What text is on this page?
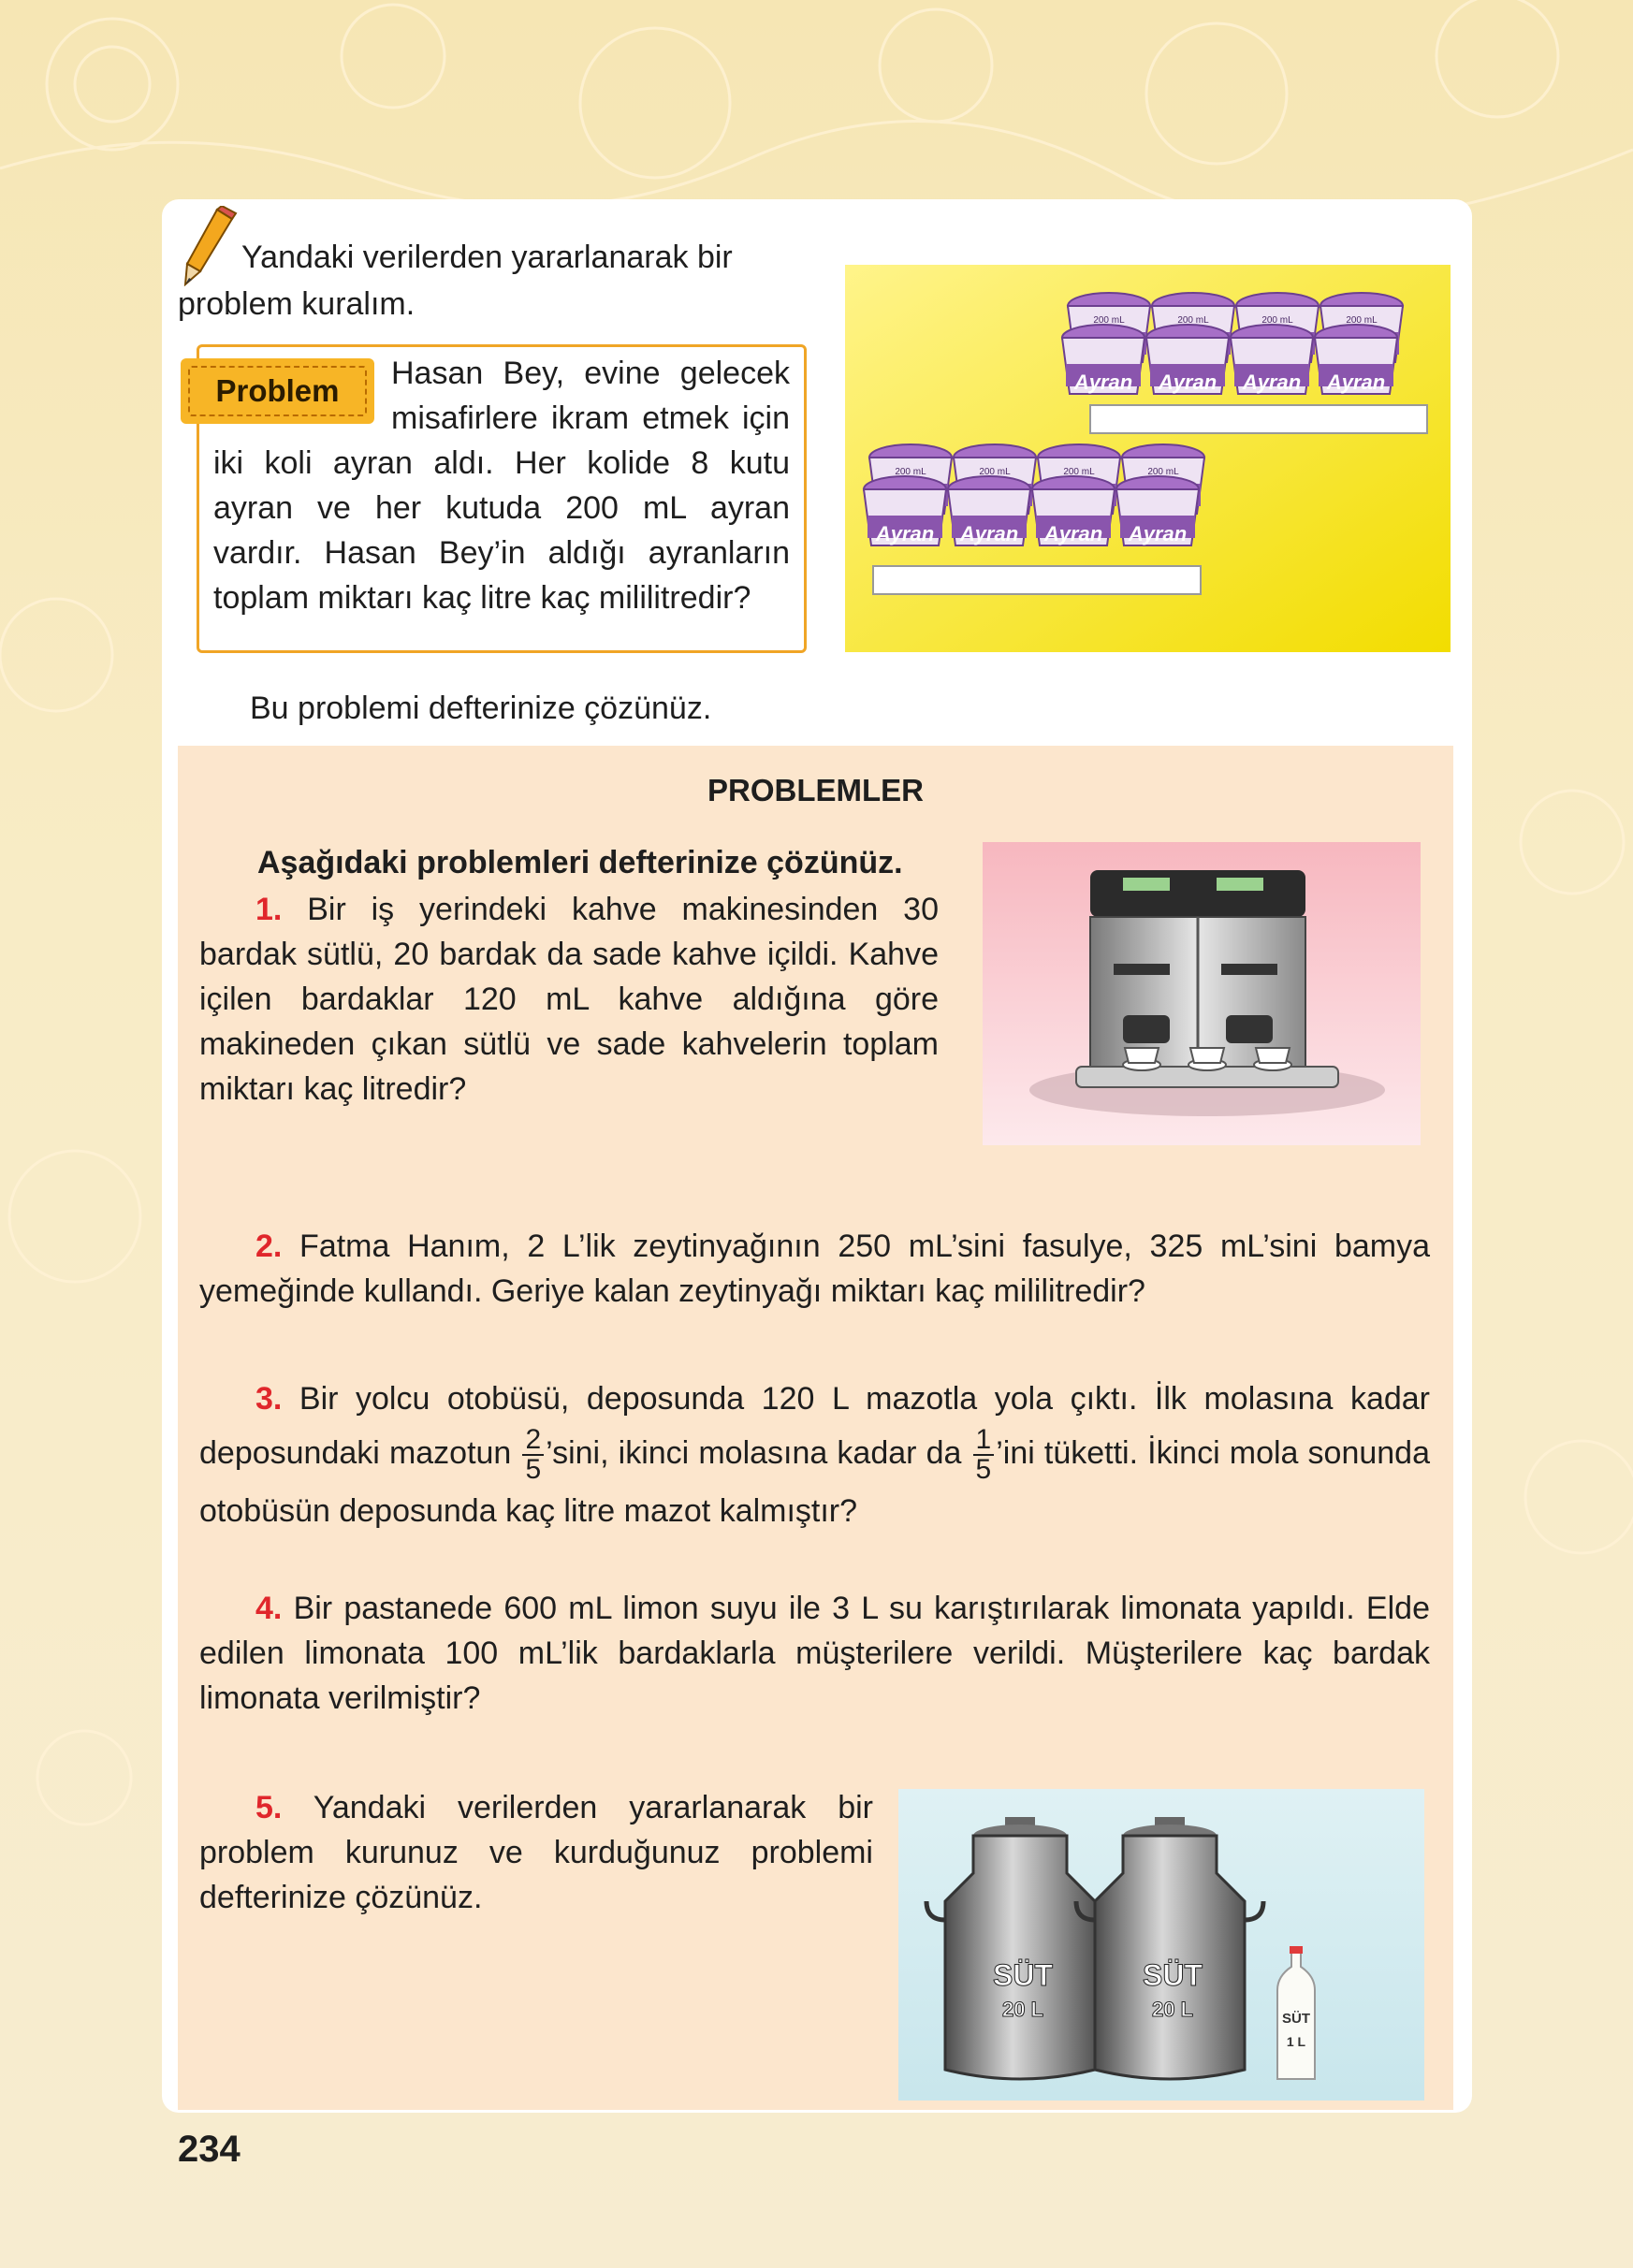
Yandaki verilerden yararlanarak bir problem kuralım.
Hasan Bey, evine gelecek misafirlere ikram etmek için iki koli ayran aldı. Her kolide 8 kutu ayran ve her kutuda 200 mL ayran vardır. Hasan Bey’in aldığı ayranların toplam miktarı kaç litre kaç mililitredir?
Problem	Ayran Ayran Ayran Ayran
Ayran Ayran Ayran Ayran
200 mL	200 mL	200 mL	200 mL
200 mL	200 mL	200 mL	200 mL
Bu problemi defterinize çözünüz.
PROBLEMLER
Aşağıdaki problemleri defterinize çözünüz.
1. Bir iş yerindeki kahve makinesinden 30 bardak sütlü, 20 bardak da sade kahve içildi. Kahve içilen bardaklar 120 mL kahve aldığına göre makineden çıkan sütlü ve sade kahvelerin toplam miktarı kaç litredir?
2. Fatma Hanım, 2 L’lik zeytinyağının 250 mL’sini fasulye, 325 mL’sini bamya yemeğinde kullandı. Geriye kalan zeytinyağı miktarı kaç mililitredir?
3. Bir yolcu otobüsü, deposunda 120 L mazotla yola çıktı. İlk molasına kadar deposundaki mazotun $\frac{2}{5}$ ’sini, ikinci molasına kadar da $\frac{1}{5}$ ’ini tüketti. İkinci mola sonunda otobüsün deposunda kaç litre mazot kalmıştır?
4. Bir pastanede 600 mL limon suyu ile 3 L su karıştırılarak limonata yapıldı. Elde edilen limonata 100 mL’lik bardaklarla müşterilere verildi. Müşterilere kaç bardak limonata verilmiştir?
5. Yandaki verilerden yararlanarak bir problem kurunuz ve kurduğunuz problemi defterinize çözünüz.
SÜT
20 L
SÜT
20 L	SÜT
1 L
234
